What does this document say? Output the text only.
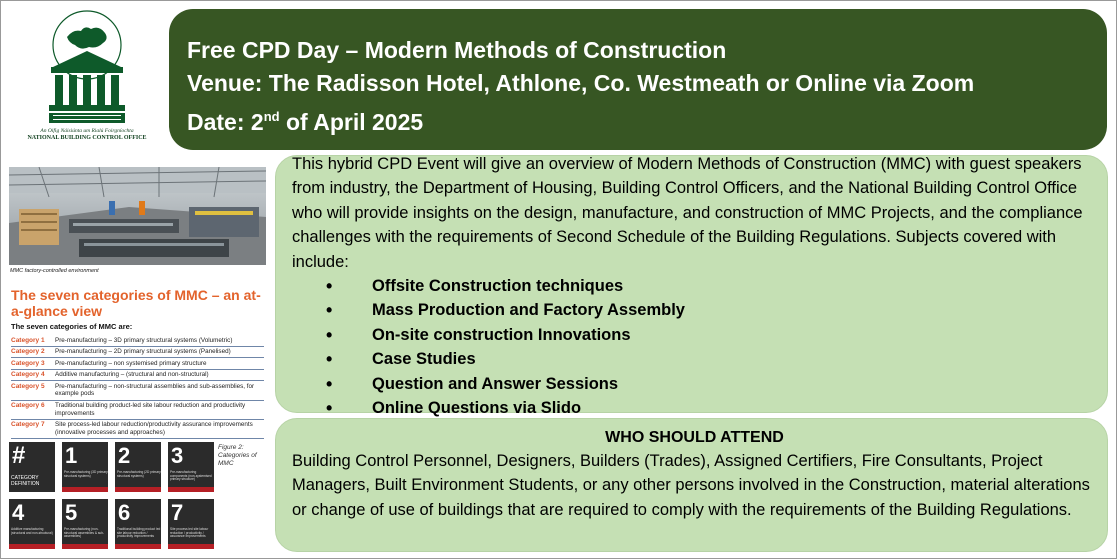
An Oifig Náisiúnta um Rialú Foirgníochta
NATIONAL BUILDING CONTROL OFFICE
Free CPD Day – Modern Methods of Construction
Venue: The Radisson Hotel, Athlone, Co. Westmeath or Online via Zoom
Date: 2nd of April 2025
MMC factory-controlled environment
The seven categories of MMC – an at-a-glance view
The seven categories of MMC are:
Category 1	Pre-manufacturing – 3D primary structural systems (Volumetric)
Category 2	Pre-manufacturing – 2D primary structural systems (Panelised)
Category 3	Pre-manufacturing – non systemised primary structure
Category 4	Additive manufacturing – (structural and non-structural)
Category 5	Pre-manufacturing – non-structural assemblies and sub-assemblies, for example pods
Category 6	Traditional building product-led site labour reduction and productivity improvements
Category 7	Site process-led labour reduction/productivity assurance improvements (innovative processes and approaches)
#
CATEGORY DEFINITION
1
Pre-manufacturing (3D primary structural systems)
2
Pre-manufacturing (2D primary structural systems)
3
Pre-manufacturing components (non-systemised primary structure)
4
Additive manufacturing (structural and non-structural)
5
Pre-manufacturing (non-structural assemblies & sub-assemblies)
6
Traditional building product led site labour reduction / productivity improvements
7
Site process led site labour reduction / productivity / assurance improvements
Figure 2: Categories of MMC

This hybrid CPD Event will give an overview of Modern Methods of Construction (MMC) with guest speakers from industry, the Department of Housing, Building Control Officers, and the National Building Control Office who will provide insights on the design, manufacture, and construction of MMC Projects, and the compliance challenges with the requirements of Second Schedule of the Building Regulations. Subjects covered with include:

• Offsite Construction techniques
• Mass Production and Factory Assembly
• On-site construction Innovations
• Case Studies
• Question and Answer Sessions
• Online Questions via Slido
WHO SHOULD ATTEND

Building Control Personnel, Designers, Builders (Trades), Assigned Certifiers, Fire Consultants, Project Managers, Built Environment Students, or any other persons involved in the Construction, material alterations or change of use of buildings that are required to comply with the requirements of the Building Regulations.
